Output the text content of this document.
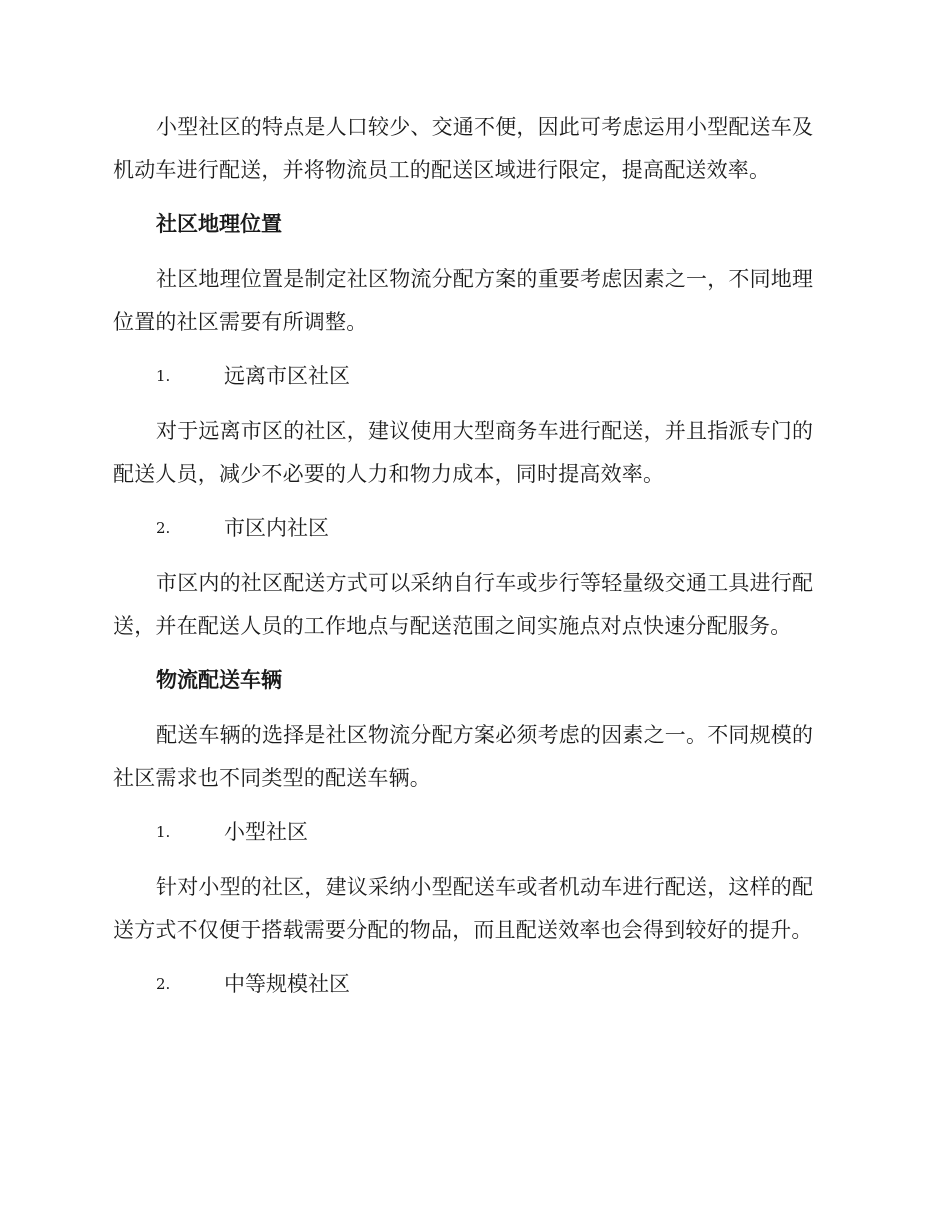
小型社区的特点是人口较少、交通不便，因此可考虑运用小型配送车及机动车进行配送，并将物流员工的配送区域进行限定，提高配送效率。

社区地理位置

社区地理位置是制定社区物流分配方案的重要考虑因素之一，不同地理位置的社区需要有所调整。

1.	远离市区社区

对于远离市区的社区，建议使用大型商务车进行配送，并且指派专门的配送人员，减少不必要的人力和物力成本，同时提高效率。

2.	市区内社区

市区内的社区配送方式可以采纳自行车或步行等轻量级交通工具进行配送，并在配送人员的工作地点与配送范围之间实施点对点快速分配服务。

物流配送车辆

配送车辆的选择是社区物流分配方案必须考虑的因素之一。不同规模的社区需求也不同类型的配送车辆。

1.	小型社区

针对小型的社区，建议采纳小型配送车或者机动车进行配送，这样的配送方式不仅便于搭载需要分配的物品，而且配送效率也会得到较好的提升。

2.	中等规模社区
